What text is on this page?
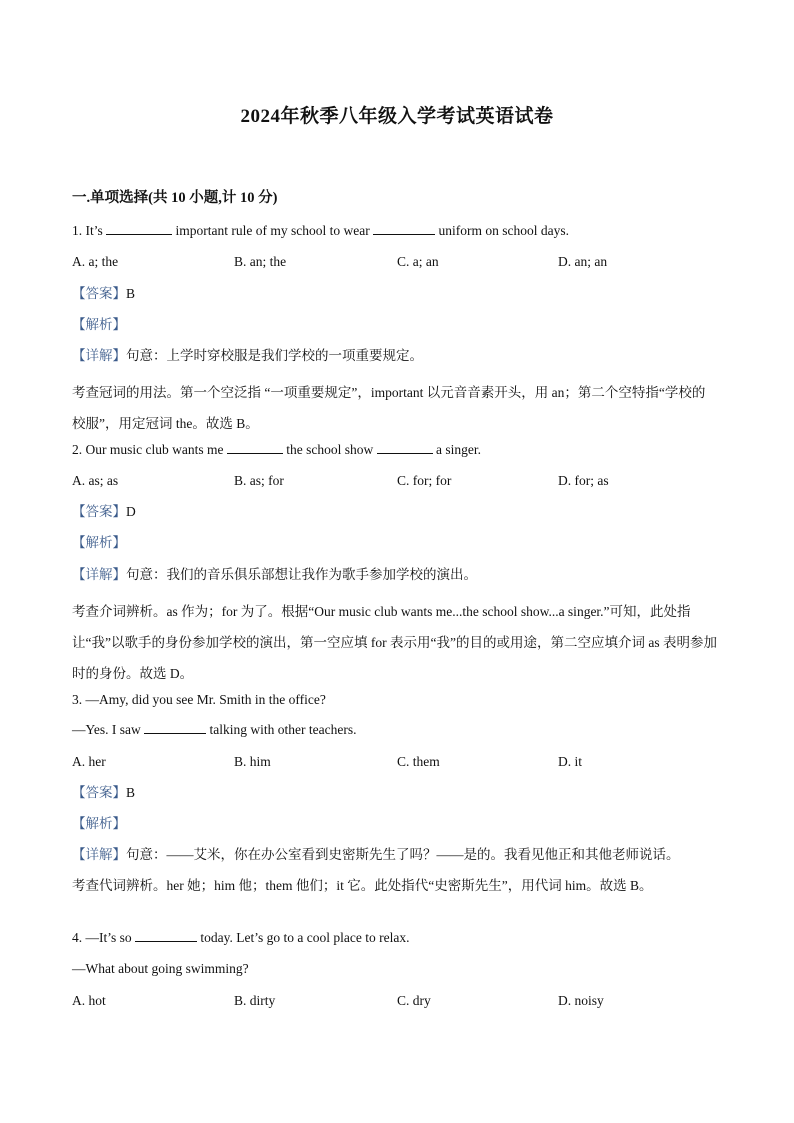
2024年秋季八年级入学考试英语试卷
一.单项选择(共 10 小题,计 10 分)
1. It’s	important rule of my school to wear	uniform on school days.
A. a; the	B. an; the	C. a; an	D. an; an
【答案】B
【解析】
【详解】句意：上学时穿校服是我们学校的一项重要规定。
考查冠词的用法。第一个空泛指 “一项重要规定”，important 以元音音素开头，用 an；第二个空特指“学校的校服”，用定冠词 the。故选 B。
2. Our music club wants me	the school show	a singer.
A. as; as	B. as; for	C. for; for	D. for; as
【答案】D
【解析】
【详解】句意：我们的音乐俱乐部想让我作为歌手参加学校的演出。
考查介词辨析。as 作为；for 为了。根据“Our music club wants me...the school show...a singer.”可知，此处指让“我”以歌手的身份参加学校的演出，第一空应填 for 表示用“我”的目的或用途，第二空应填介词 as 表明参加时的身份。故选 D。
3. —Amy, did you see Mr. Smith in the office?
—Yes. I saw	talking with other teachers.
A. her	B. him	C. them	D. it
【答案】B
【解析】
【详解】句意：——艾米，你在办公室看到史密斯先生了吗？——是的。我看见他正和其他老师说话。
考查代词辨析。her 她；him 他；them 他们；it 它。此处指代“史密斯先生”，用代词 him。故选 B。
4. —It’s so	today. Let’s go to a cool place to relax.
—What about going swimming?
A. hot	B. dirty	C. dry	D. noisy
